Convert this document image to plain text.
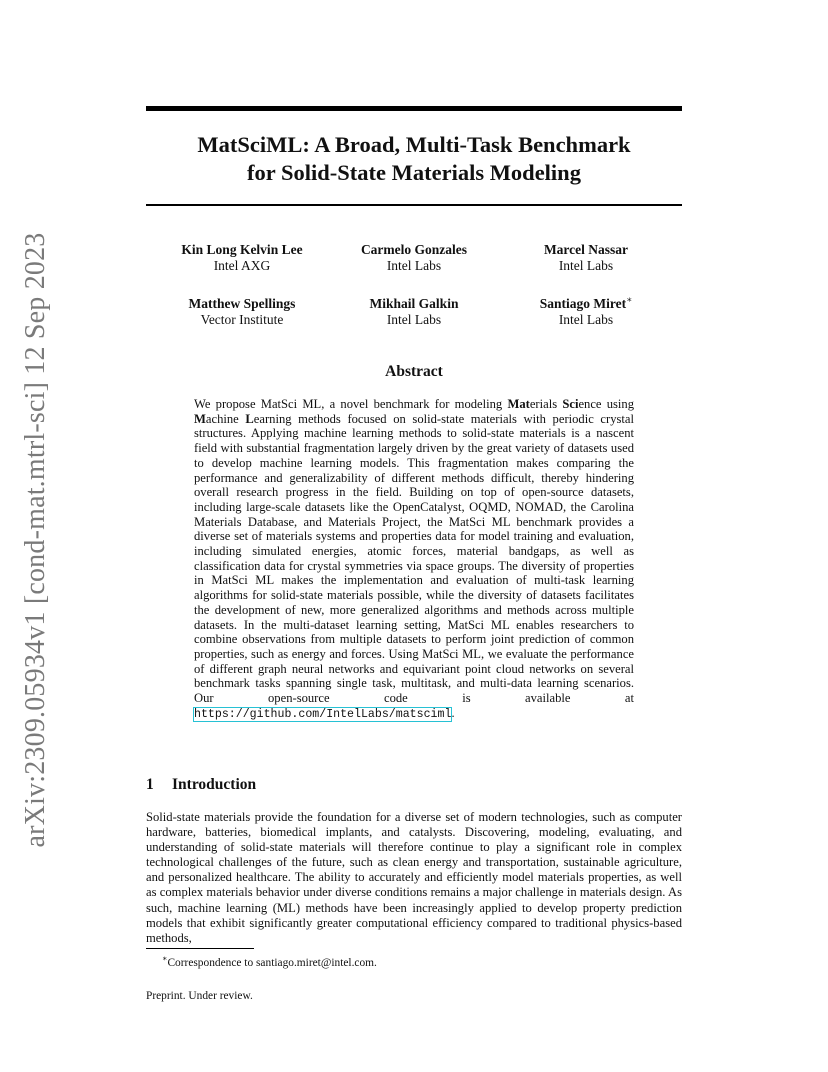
arXiv:2309.05934v1 [cond-mat.mtrl-sci] 12 Sep 2023
MatSciML: A Broad, Multi-Task Benchmark
for Solid-State Materials Modeling
Kin Long Kelvin Lee
Intel AXG
Carmelo Gonzales
Intel Labs
Marcel Nassar
Intel Labs
Matthew Spellings
Vector Institute
Mikhail Galkin
Intel Labs
Santiago Miret∗
Intel Labs
Abstract

We propose MatSci ML, a novel benchmark for modeling Materials Science using Machine Learning methods focused on solid-state materials with periodic crystal structures. Applying machine learning methods to solid-state materials is a nascent field with substantial fragmentation largely driven by the great variety of datasets used to develop machine learning models. This fragmentation makes comparing the performance and generalizability of different methods difficult, thereby hindering overall research progress in the field. Building on top of open-source datasets, including large-scale datasets like the OpenCatalyst, OQMD, NOMAD, the Carolina Materials Database, and Materials Project, the MatSci ML benchmark provides a diverse set of materials systems and properties data for model training and evaluation, including simulated energies, atomic forces, material bandgaps, as well as classification data for crystal symmetries via space groups. The diversity of properties in MatSci ML makes the implementation and evaluation of multi-task learning algorithms for solid-state materials possible, while the diversity of datasets facilitates the development of new, more generalized algorithms and methods across multiple datasets. In the multi-dataset learning setting, MatSci ML enables researchers to combine observations from multiple datasets to perform joint prediction of common properties, such as energy and forces. Using MatSci ML, we evaluate the performance of different graph neural networks and equivariant point cloud networks on several benchmark tasks spanning single task, multitask, and multi-data learning scenarios. Our open-source code is available at https://github.com/IntelLabs/matsciml.

1 Introduction

Solid-state materials provide the foundation for a diverse set of modern technologies, such as computer hardware, batteries, biomedical implants, and catalysts. Discovering, modeling, evaluating, and understanding of solid-state materials will therefore continue to play a significant role in complex technological challenges of the future, such as clean energy and transportation, sustainable agriculture, and personalized healthcare. The ability to accurately and efficiently model materials properties, as well as complex materials behavior under diverse conditions remains a major challenge in materials design. As such, machine learning (ML) methods have been increasingly applied to develop property prediction models that exhibit significantly greater computational efficiency compared to traditional physics-based methods,

∗Correspondence to santiago.miret@intel.com.

Preprint. Under review.
